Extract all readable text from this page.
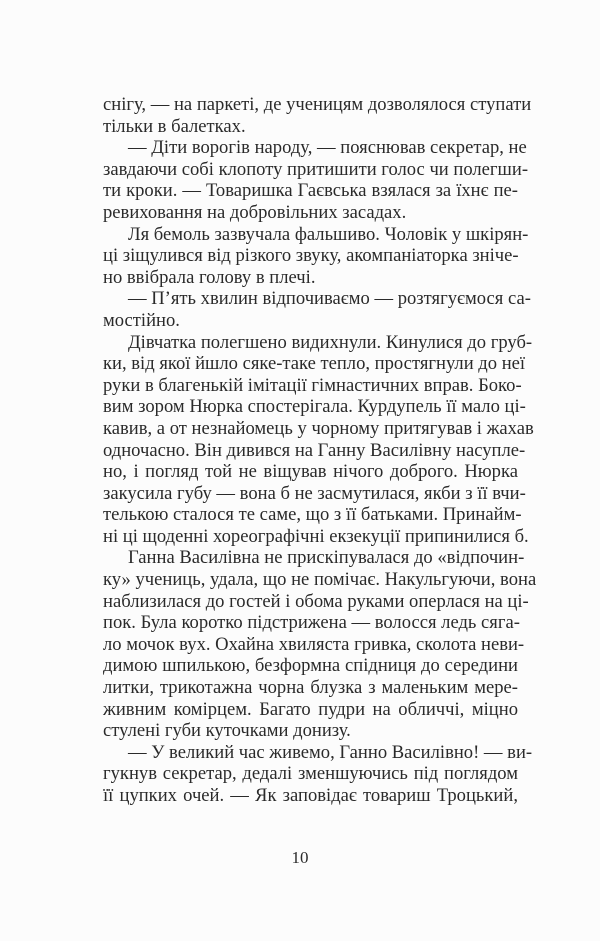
снігу, — на паркеті, де ученицям дозволялося ступати
тільки в балетках.
— Діти ворогів народу, — пояснював секретар, не
завдаючи собі клопоту притишити голос чи полегши-
ти кроки. — Товаришка Гаєвська взялася за їхнє пе-
ревиховання на добровільних засадах.
Ля бемоль зазвучала фальшиво. Чоловік у шкірян-
ці зіщулився від різкого звуку, акомпаніаторка зніче-
но ввібрала голову в плечі.
— П’ять хвилин відпочиваємо — розтягуємося са-
мостійно.
Дівчатка полегшено видихнули. Кинулися до груб-
ки, від якої йшло сяке-таке тепло, простягнули до неї
руки в благенькій імітації гімнастичних вправ. Боко-
вим зором Нюрка спостерігала. Курдупель її мало ці-
кавив, а от незнайомець у чорному притягував і жахав
одночасно. Він дивився на Ганну Василівну насупле-
но, і погляд той не віщував нічого доброго. Нюрка
закусила губу — вона б не засмутилася, якби з її вчи-
телькою сталося те саме, що з її батьками. Принайм-
ні ці щоденні хореографічні екзекуції припинилися б.
Ганна Василівна не прискіпувалася до «відпочин-
ку» учениць, удала, що не помічає. Накульгуючи, вона
наблизилася до гостей і обома руками оперлася на ці-
пок. Була коротко підстрижена — волосся ледь сяга-
ло мочок вух. Охайна хвиляста гривка, сколота неви-
димою шпилькою, безформна спідниця до середини
литки, трикотажна чорна блузка з маленьким мере-
живним комірцем. Багато пудри на обличчі, міцно
стулені губи куточками донизу.
— У великий час живемо, Ганно Василівно! — ви-
гукнув секретар, дедалі зменшуючись під поглядом
її цупких очей. — Як заповідає товариш Троцький,
10
